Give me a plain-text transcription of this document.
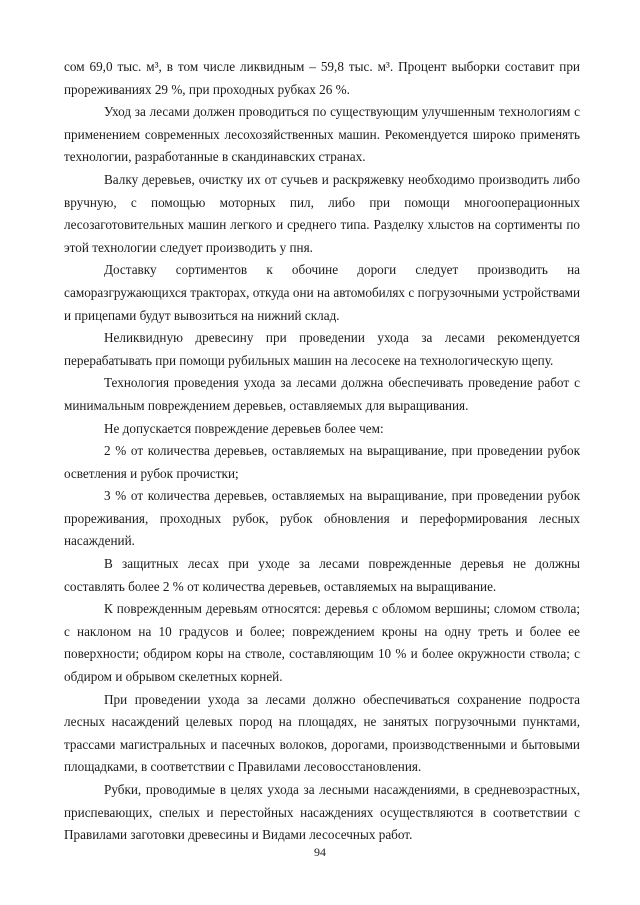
сом 69,0 тыс. м³, в том числе ликвидным – 59,8 тыс. м³. Процент выборки составит при прореживаниях 29 %, при проходных рубках 26 %.

Уход за лесами должен проводиться по существующим улучшенным технологиям с применением современных лесохозяйственных машин. Рекомендуется широко применять технологии, разработанные в скандинавских странах.

Валку деревьев, очистку их от сучьев и раскряжевку необходимо производить либо вручную, с помощью моторных пил, либо при помощи многооперационных лесозаготовительных машин легкого и среднего типа. Разделку хлыстов на сортименты по этой технологии следует производить у пня.

Доставку сортиментов к обочине дороги следует производить на саморазгружающихся тракторах, откуда они на автомобилях с погрузочными устройствами и прицепами будут вывозиться на нижний склад.

Неликвидную древесину при проведении ухода за лесами рекомендуется перерабатывать при помощи рубильных машин на лесосеке на технологическую щепу.

Технология проведения ухода за лесами должна обеспечивать проведение работ с минимальным повреждением деревьев, оставляемых для выращивания.

Не допускается повреждение деревьев более чем:

2 % от количества деревьев, оставляемых на выращивание, при проведении рубок осветления и рубок прочистки;

3 % от количества деревьев, оставляемых на выращивание, при проведении рубок прореживания, проходных рубок, рубок обновления и переформирования лесных насаждений.

В защитных лесах при уходе за лесами поврежденные деревья не должны составлять более 2 % от количества деревьев, оставляемых на выращивание.

К поврежденным деревьям относятся: деревья с обломом вершины; сломом ствола; с наклоном на 10 градусов и более; повреждением кроны на одну треть и более ее поверхности; обдиром коры на стволе, составляющим 10 % и более окружности ствола; с обдиром и обрывом скелетных корней.

При проведении ухода за лесами должно обеспечиваться сохранение подроста лесных насаждений целевых пород на площадях, не занятых погрузочными пунктами, трассами магистральных и пасечных волоков, дорогами, производственными и бытовыми площадками, в соответствии с Правилами лесовосстановления.

Рубки, проводимые в целях ухода за лесными насаждениями, в средневозрастных, приспевающих, спелых и перестойных насаждениях осуществляются в соответствии с Правилами заготовки древесины и Видами лесосечных работ.

94
